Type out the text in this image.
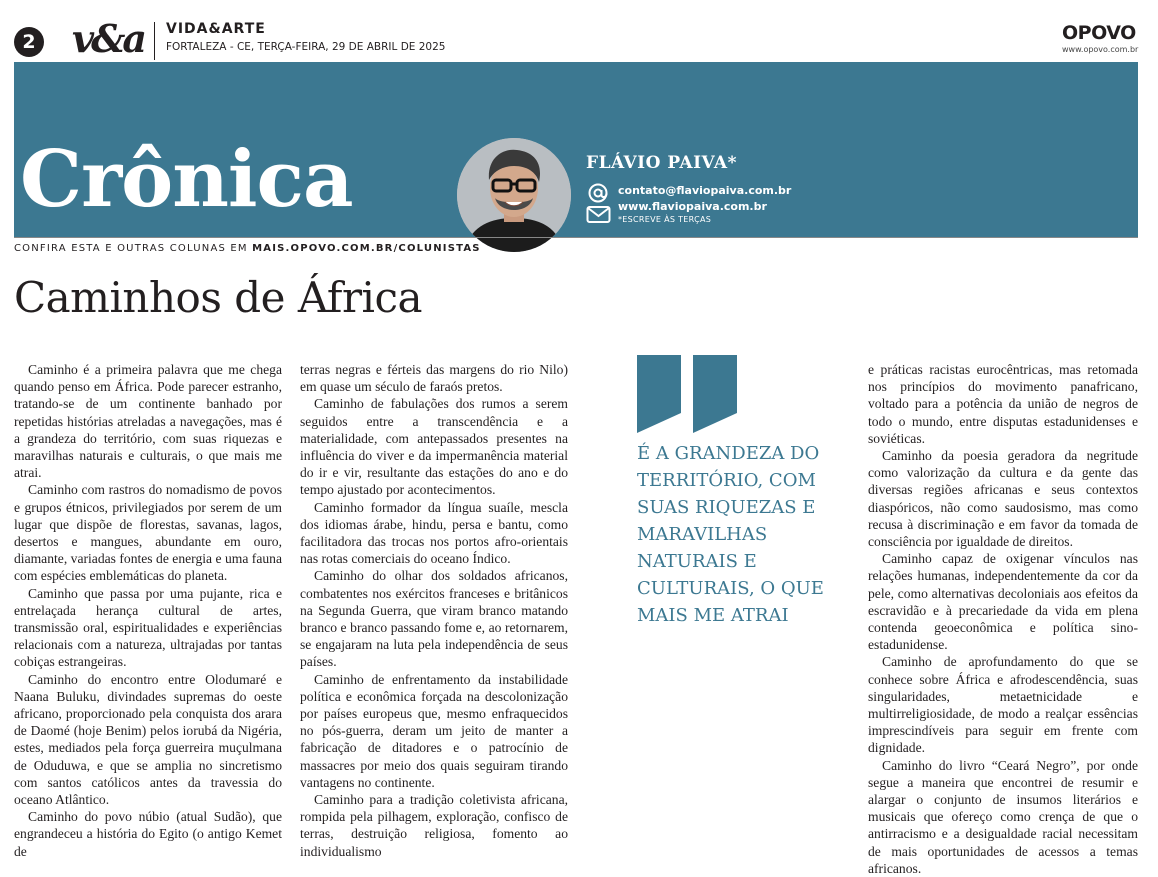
2 v&a VIDA&ARTE
FORTALEZA - CE, TERÇA-FEIRA, 29 DE ABRIL DE 2025
OPOVO
www.opovo.com.br
Crônica	FLÁVIO PAIVA*
contato@flaviopaiva.com.br
www.flaviopaiva.com.br
*ESCREVE ÀS TERÇAS
CONFIRA ESTA E OUTRAS COLUNAS EM MAIS.OPOVO.COM.BR/COLUNISTAS
Caminhos de África

Caminho é a primeira palavra que me chega quando penso em África. Pode parecer estranho, tratando-se de um continente banhado por repetidas histórias atreladas a navegações, mas é a grandeza do território, com suas riquezas e maravilhas naturais e culturais, o que mais me atrai.

Caminho com rastros do nomadismo de povos e grupos étnicos, privilegiados por serem de um lugar que dispõe de florestas, savanas, lagos, desertos e mangues, abundante em ouro, diamante, variadas fontes de energia e uma fauna com espécies emblemáticas do planeta.

Caminho que passa por uma pujante, rica e entrelaçada herança cultural de artes, transmissão oral, espiritualidades e experiências relacionais com a natureza, ultrajadas por tantas cobiças estrangeiras.

Caminho do encontro entre Olodumaré e Naana Buluku, divindades supremas do oeste africano, proporcionado pela conquista dos arara de Daomé (hoje Benim) pelos iorubá da Nigéria, estes, mediados pela força guerreira muçulmana de Oduduwa, e que se amplia no sincretismo com santos católicos antes da travessia do oceano Atlântico.

Caminho do povo núbio (atual Sudão), que engrandeceu a história do Egito (o antigo Kemet de

terras negras e férteis das margens do rio Nilo) em quase um século de faraós pretos.

Caminho de fabulações dos rumos a serem seguidos entre a transcendência e a materialidade, com antepassados presentes na influência do viver e da impermanência material do ir e vir, resultante das estações do ano e do tempo ajustado por acontecimentos.

Caminho formador da língua suaíle, mescla dos idiomas árabe, hindu, persa e bantu, como facilitadora das trocas nos portos afro-orientais nas rotas comerciais do oceano Índico.

Caminho do olhar dos soldados africanos, combatentes nos exércitos franceses e britânicos na Segunda Guerra, que viram branco matando branco e branco passando fome e, ao retornarem, se engajaram na luta pela independência de seus países.

Caminho de enfrentamento da instabilidade política e econômica forçada na descolonização por países europeus que, mesmo enfraquecidos no pós-guerra, deram um jeito de manter a fabricação de ditadores e o patrocínio de massacres por meio dos quais seguiram tirando vantagens no continente.

Caminho para a tradição coletivista africana, rompida pela pilhagem, exploração, confisco de terras, destruição religiosa, fomento ao individualismo

É A GRANDEZA DO TERRITÓRIO, COM SUAS RIQUEZAS E MARAVILHAS NATURAIS E CULTURAIS, O QUE MAIS ME ATRAI

e práticas racistas eurocêntricas, mas retomada nos princípios do movimento panafricano, voltado para a potência da união de negros de todo o mundo, entre disputas estadunidenses e soviéticas.

Caminho da poesia geradora da negritude como valorização da cultura e da gente das diversas regiões africanas e seus contextos diaspóricos, não como saudosismo, mas como recusa à discriminação e em favor da tomada de consciência por igualdade de direitos.

Caminho capaz de oxigenar vínculos nas relações humanas, independentemente da cor da pele, como alternativas decoloniais aos efeitos da escravidão e à precariedade da vida em plena contenda geoeconômica e política sino-estadunidense.

Caminho de aprofundamento do que se conhece sobre África e afrodescendência, suas singularidades, metaetnicidade e multirreligiosidade, de modo a realçar essências imprescindíveis para seguir em frente com dignidade.

Caminho do livro “Ceará Negro”, por onde segue a maneira que encontrei de resumir e alargar o conjunto de insumos literários e musicais que ofereço como crença de que o antirracismo e a desigualdade racial necessitam de mais oportunidades de acessos a temas africanos.
